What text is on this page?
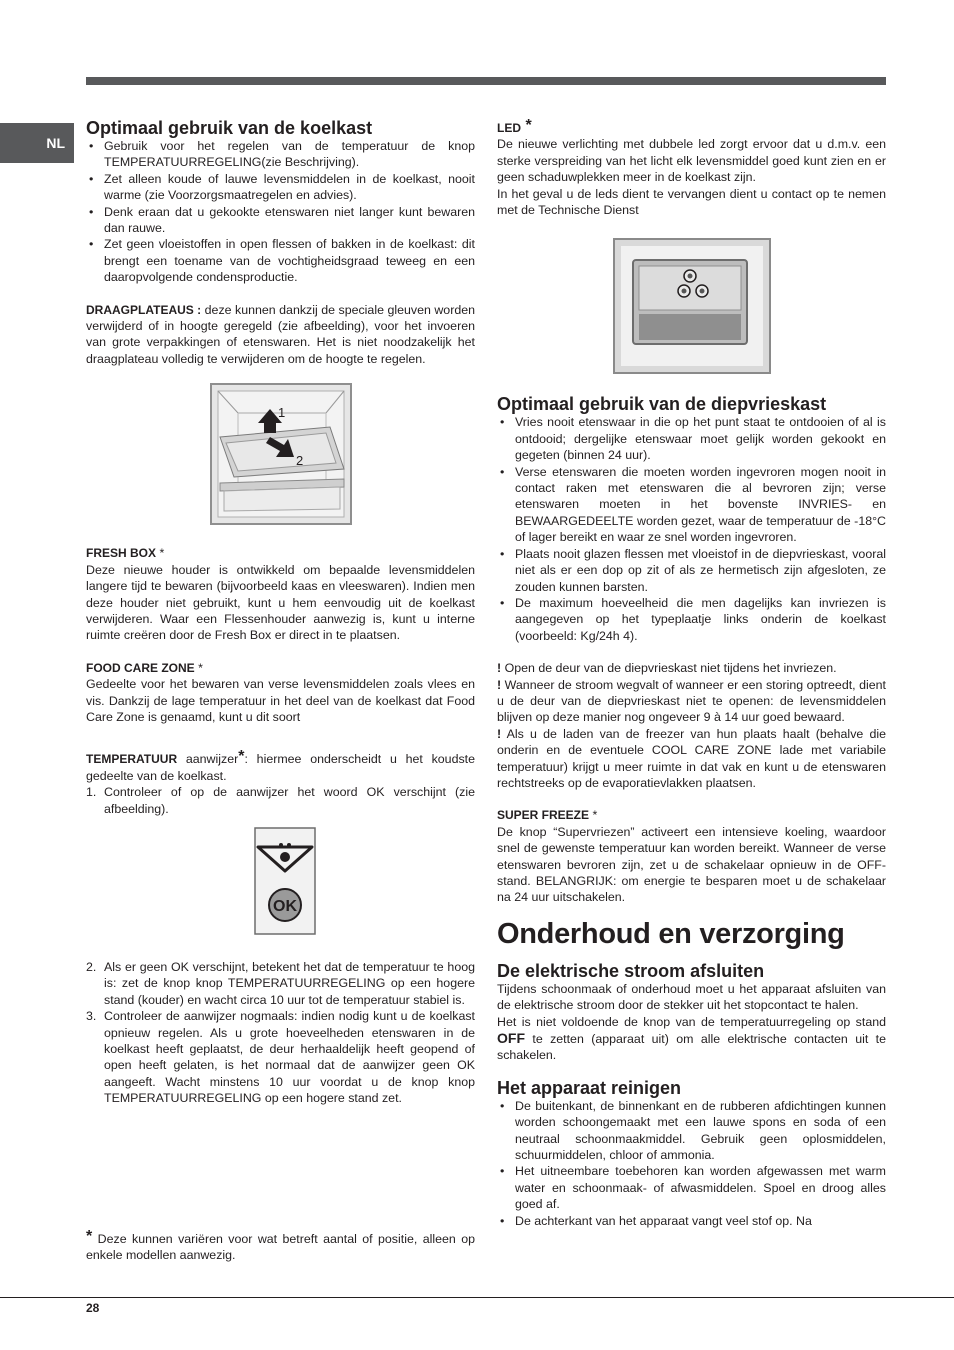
NL
Optimaal gebruik van de koelkast
• Gebruik voor het regelen van de temperatuur de knop TEMPERATUURREGELING(zie Beschrijving).
• Zet alleen koude of lauwe levensmiddelen in de koelkast, nooit warme (zie Voorzorgsmaatregelen en advies).
• Denk eraan dat u gekookte etenswaren niet langer kunt bewaren dan rauwe.
• Zet geen vloeistoffen in open flessen of bakken in de koelkast: dit brengt een toename van de vochtigheidsgraad teweeg en een daaropvolgende condensproductie.

DRAAGPLATEAUS : deze kunnen dankzij de speciale gleuven worden verwijderd of in hoogte geregeld (zie afbeelding), voor het invoeren van grote verpakkingen of etenswaren. Het is niet noodzakelijk het draagplateau volledig te verwijderen om de hoogte te regelen.

1
2

FRESH BOX *

Deze nieuwe houder is ontwikkeld om bepaalde levensmiddelen langere tijd te bewaren (bijvoorbeeld kaas en vleeswaren). Indien men deze houder niet gebruikt, kunt u hem eenvoudig uit de koelkast verwijderen. Waar een Flessenhouder aanwezig is, kunt u interne ruimte creëren door de Fresh Box er direct in te plaatsen.

FOOD CARE ZONE *

Gedeelte voor het bewaren van verse levensmiddelen zoals vlees en vis. Dankzij de lage temperatuur in het deel van de koelkast dat Food Care Zone is genaamd, kunt u dit soort

TEMPERATUUR aanwijzer*: hiermee onderscheidt u het koudste gedeelte van de koelkast.

1. Controleer of op de aanwijzer het woord OK verschijnt (zie afbeelding).
OK
2. Als er geen OK verschijnt, betekent het dat de temperatuur te hoog is: zet de knop knop TEMPERATUURREGELING op een hogere stand (kouder) en wacht circa 10 uur tot de temperatuur stabiel is.
3. Controleer de aanwijzer nogmaals: indien nodig kunt u de koelkast opnieuw regelen. Als u grote hoeveelheden etenswaren in de koelkast heeft geplaatst, de deur herhaaldelijk heeft geopend of open heeft gelaten, is het normaal dat de aanwijzer geen OK aangeeft. Wacht minstens 10 uur voordat u de knop knop TEMPERATUURREGELING op een hogere stand zet.

* Deze kunnen variëren voor wat betreft aantal of positie, alleen op enkele modellen aanwezig.

LED *

De nieuwe verlichting met dubbele led zorgt ervoor dat u d.m.v. een sterke verspreiding van het licht elk levensmiddel goed kunt zien en er geen schaduwplekken meer in de koelkast zijn.

In het geval u de leds dient te vervangen dient u contact op te nemen met de Technische Dienst

Optimaal gebruik van de diepvrieskast
• Vries nooit etenswaar in die op het punt staat te ontdooien of al is ontdooid; dergelijke etenswaar moet gelijk worden gekookt en gegeten (binnen 24 uur).
• Verse etenswaren die moeten worden ingevroren mogen nooit in contact raken met etenswaren die al bevroren zijn; verse etenswaren moeten in het bovenste INVRIES- en BEWAARGEDEELTE worden gezet, waar de temperatuur de -18°C of lager bereikt en waar ze snel worden ingevroren.
• Plaats nooit glazen flessen met vloeistof in de diepvrieskast, vooral niet als er een dop op zit of als ze hermetisch zijn afgesloten, ze zouden kunnen barsten.
• De maximum hoeveelheid die men dagelijks kan invriezen is aangegeven op het typeplaatje links onderin de koelkast (voorbeeld: Kg/24h 4).

! Open de deur van de diepvrieskast niet tijdens het invriezen.

! Wanneer de stroom wegvalt of wanneer er een storing optreedt, dient u de deur van de diepvrieskast niet te openen: de levensmiddelen blijven op deze manier nog ongeveer 9 à 14 uur goed bewaard.

! Als u de laden van de freezer van hun plaats haalt (behalve die onderin en de eventuele COOL CARE ZONE lade met variabile temperatuur) krijgt u meer ruimte in dat vak en kunt u de etenswaren rechtstreeks op de evaporatievlakken plaatsen.

SUPER FREEZE *

De knop “Supervriezen” activeert een intensieve koeling, waardoor snel de gewenste temperatuur kan worden bereikt. Wanneer de verse etenswaren bevroren zijn, zet u de schakelaar opnieuw in de OFF-stand. BELANGRIJK: om energie te besparen moet u de schakelaar na 24 uur uitschakelen.

Onderhoud en verzorging
De elektrische stroom afsluiten

Tijdens schoonmaak of onderhoud moet u het apparaat afsluiten van de elektrische stroom door de stekker uit het stopcontact te halen.

Het is niet voldoende de knop van de temperatuurregeling op stand OFF te zetten (apparaat uit) om alle elektrische contacten uit te schakelen.

Het apparaat reinigen
• De buitenkant, de binnenkant en de rubberen afdichtingen kunnen worden schoongemaakt met een lauwe spons en soda of een neutraal schoonmaakmiddel. Gebruik geen oplosmiddelen, schuurmiddelen, chloor of ammonia.
• Het uitneembare toebehoren kan worden afgewassen met warm water en schoonmaak- of afwasmiddelen. Spoel en droog alles goed af.
• De achterkant van het apparaat vangt veel stof op. Na
28
